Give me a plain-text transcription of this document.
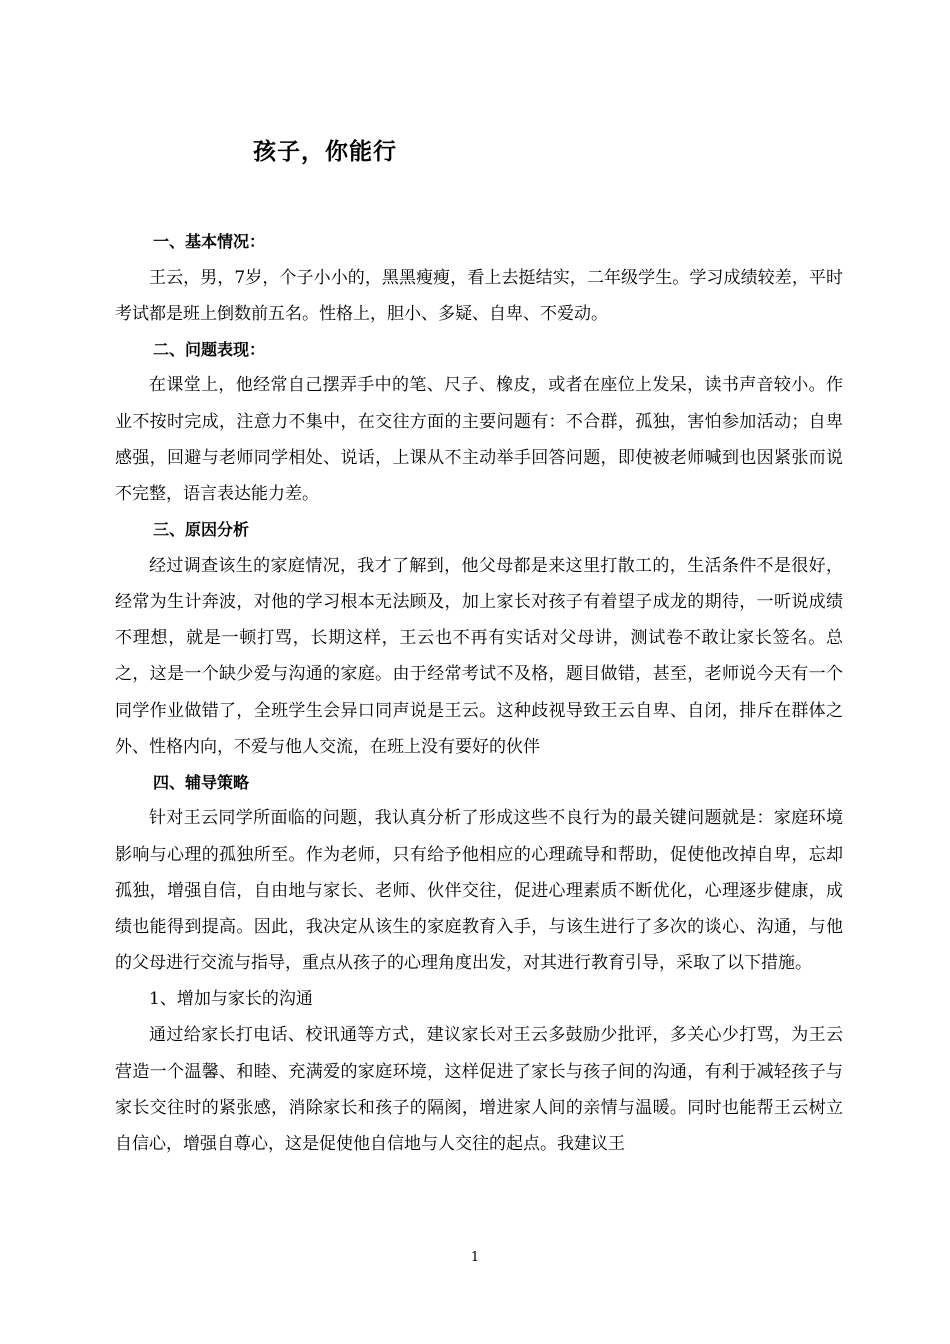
孩子，你能行
一、基本情况：
王云，男，7岁，个子小小的，黑黑瘦瘦，看上去挺结实，二年级学生。学习成绩较差，平时考试都是班上倒数前五名。性格上，胆小、多疑、自卑、不爱动。
二、问题表现：
在课堂上，他经常自己摆弄手中的笔、尺子、橡皮，或者在座位上发呆，读书声音较小。作业不按时完成，注意力不集中，在交往方面的主要问题有：不合群，孤独，害怕参加活动；自卑感强，回避与老师同学相处、说话，上课从不主动举手回答问题，即使被老师喊到也因紧张而说不完整，语言表达能力差。
三、原因分析
经过调查该生的家庭情况，我才了解到，他父母都是来这里打散工的，生活条件不是很好，经常为生计奔波，对他的学习根本无法顾及，加上家长对孩子有着望子成龙的期待，一听说成绩不理想，就是一顿打骂，长期这样，王云也不再有实话对父母讲，测试卷不敢让家长签名。总之，这是一个缺少爱与沟通的家庭。由于经常考试不及格，题目做错，甚至，老师说今天有一个同学作业做错了，全班学生会异口同声说是王云。这种歧视导致王云自卑、自闭，排斥在群体之外、性格内向，不爱与他人交流，在班上没有要好的伙伴
四、辅导策略
针对王云同学所面临的问题，我认真分析了形成这些不良行为的最关键问题就是：家庭环境影响与心理的孤独所至。作为老师，只有给予他相应的心理疏导和帮助，促使他改掉自卑，忘却孤独，增强自信，自由地与家长、老师、伙伴交往，促进心理素质不断优化，心理逐步健康，成绩也能得到提高。因此，我决定从该生的家庭教育入手，与该生进行了多次的谈心、沟通，与他的父母进行交流与指导，重点从孩子的心理角度出发，对其进行教育引导，采取了以下措施。
1、增加与家长的沟通
通过给家长打电话、校讯通等方式，建议家长对王云多鼓励少批评，多关心少打骂，为王云营造一个温馨、和睦、充满爱的家庭环境，这样促进了家长与孩子间的沟通，有利于减轻孩子与家长交往时的紧张感，消除家长和孩子的隔阂，增进家人间的亲情与温暖。同时也能帮王云树立自信心，增强自尊心，这是促使他自信地与人交往的起点。我建议王
1
